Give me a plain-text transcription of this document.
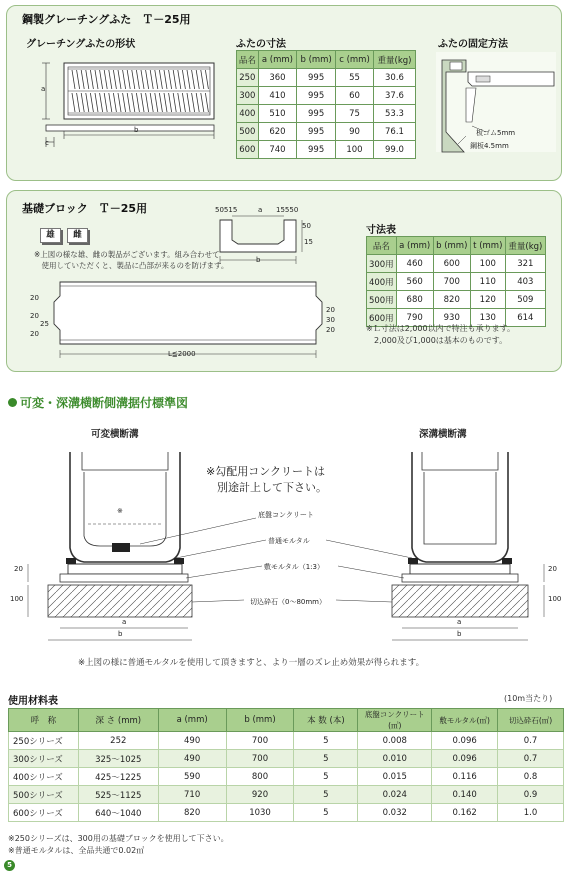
鋼製グレーチングふた　Ｔ－25用
グレーチングふたの形状	ふたの寸法	ふたの固定方法
a
b
c
品名	a (mm)	b (mm)	c (mm)	重量(kg)
250	360	995	55	30.6
300	410	995	60	37.6
400	510	995	75	53.3
500	620	995	90	76.1
600	740	995	100	99.0
板ゴム5mm
鋼板4.5mm
基礎ブロック　Ｔ－25用
雄	雌
※上図の様な雄、雌の製品がございます。組み合わせて
　使用していただくと、製品に凸部が来るのを防げます。
50515	a 15550
50
15
b
L≦2000
20
20
25
20
20
30
20
寸法表
品名	a (mm)	b (mm)	t (mm)	重量(kg)
300用	460	600	100	321
400用	560	700	110	403
500用	680	820	120	509
600用	790	930	130	614
※Ｌ寸法は2,000以内で特注も承ります。
　2,000及び1,000は基本のものです。
可変・深溝横断側溝据付標準図
可変横断溝	深溝横断溝
※勾配用コンクリートは
　別途計上して下さい。
※	底盤コンクリート
普通モルタル
敷モルタル（1:3）
切込砕石（0～80mm）
20
100
20
100
a
b
a
b
※上図の様に普通モルタルを使用して頂きますと、より一層のズレ止め効果が得られます。
使用材料表	(10m当たり)
呼　称	深 さ (mm)	a (mm)	b (mm)	本 数 (本)	底盤コンクリート(㎥)	敷モルタル(㎥)	切込砕石(㎥)
250シリーズ	252	490	700	5	0.008	0.096	0.7
300シリーズ	325～1025	490	700	5	0.010	0.096	0.7
400シリーズ	425～1225	590	800	5	0.015	0.116	0.8
500シリーズ	525～1125	710	920	5	0.024	0.140	0.9
600シリーズ	640～1040	820	1030	5	0.032	0.162	1.0
※250シリーズは、300用の基礎ブロックを使用して下さい。
※普通モルタルは、全品共通で0.02㎥
5
